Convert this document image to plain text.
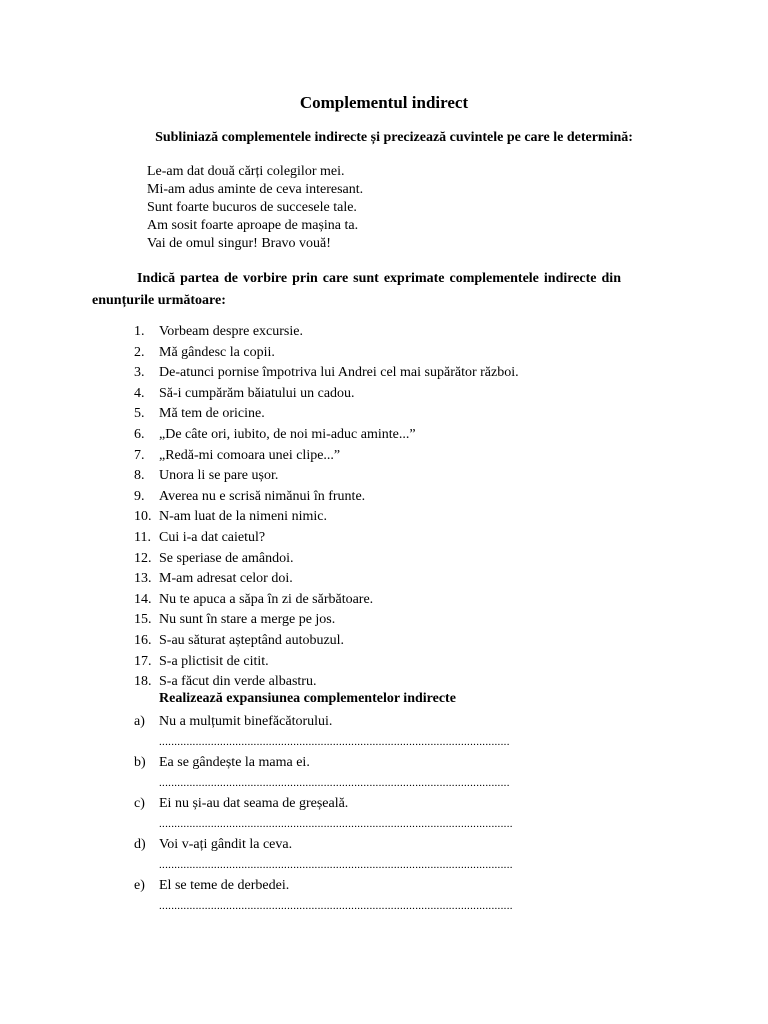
Complementul indirect
Subliniază complementele indirecte și precizează cuvintele pe care le determină:
Le-am dat două cărți colegilor mei.
Mi-am adus aminte de ceva interesant.
Sunt foarte bucuros de succesele tale.
Am sosit foarte aproape de mașina ta.
Vai de omul singur! Bravo vouă!
Indică partea de vorbire prin care sunt exprimate complementele indirecte din
enunțurile următoare:
1. Vorbeam despre excursie.
2. Mă gândesc la copii.
3. De-atunci pornise împotriva lui Andrei cel mai supărător război.
4. Să-i cumpărăm băiatului un cadou.
5. Mă tem de oricine.
6. „De câte ori, iubito, de noi mi-aduc aminte...”
7. „Redă-mi comoara unei clipe...”
8. Unora li se pare ușor.
9. Averea nu e scrisă nimănui în frunte.
10. N-am luat de la nimeni nimic.
11. Cui i-a dat caietul?
12. Se speriase de amândoi.
13. M-am adresat celor doi.
14. Nu te apuca a săpa în zi de sărbătoare.
15. Nu sunt în stare a merge pe jos.
16. S-au săturat așteptând autobuzul.
17. S-a plictisit de citit.
18. S-a făcut din verde albastru.
Realizează expansiunea complementelor indirecte
a) Nu a mulțumit binefăcătorului.
...................................................................................................................
b) Ea se gândește la mama ei.
...................................................................................................................
c) Ei nu și-au dat seama de greșeală.
....................................................................................................................
d) Voi v-ați gândit la ceva.
....................................................................................................................
e) El se teme de derbedei.
....................................................................................................................
